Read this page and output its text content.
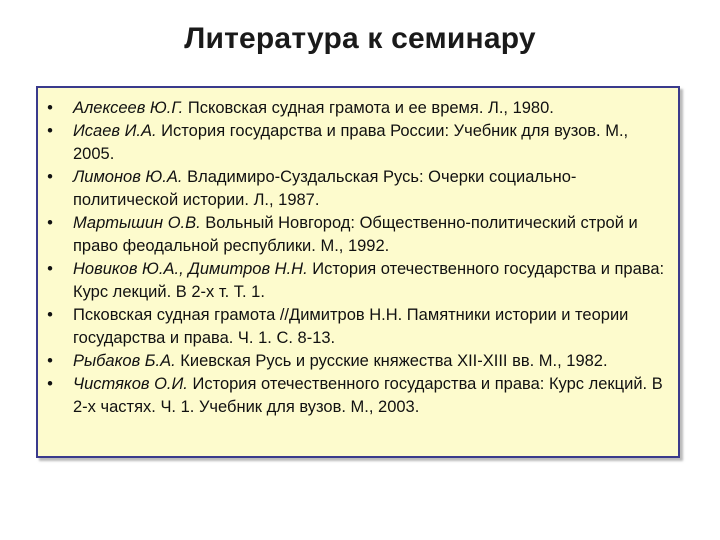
Литература к семинару
• Алексеев Ю.Г. Псковская судная грамота и ее время. Л., 1980.
• Исаев И.А. История государства и права России: Учебник для вузов. М., 2005.
• Лимонов Ю.А. Владимиро-Суздальская Русь: Очерки социально-политической истории. Л., 1987.
• Мартышин О.В. Вольный Новгород: Общественно-политический строй и право феодальной республики. М., 1992.
• Новиков Ю.А., Димитров Н.Н. История отечественного государства и права: Курс лекций. В 2-х т. Т. 1.
• Псковская судная грамота //Димитров Н.Н. Памятники истории и теории государства и права. Ч. 1. С. 8-13.
• Рыбаков Б.А. Киевская Русь и русские княжества XII-XIII вв. М., 1982.
• Чистяков О.И. История отечественного государства и права: Курс лекций. В 2-х частях. Ч. 1. Учебник для вузов. М., 2003.
